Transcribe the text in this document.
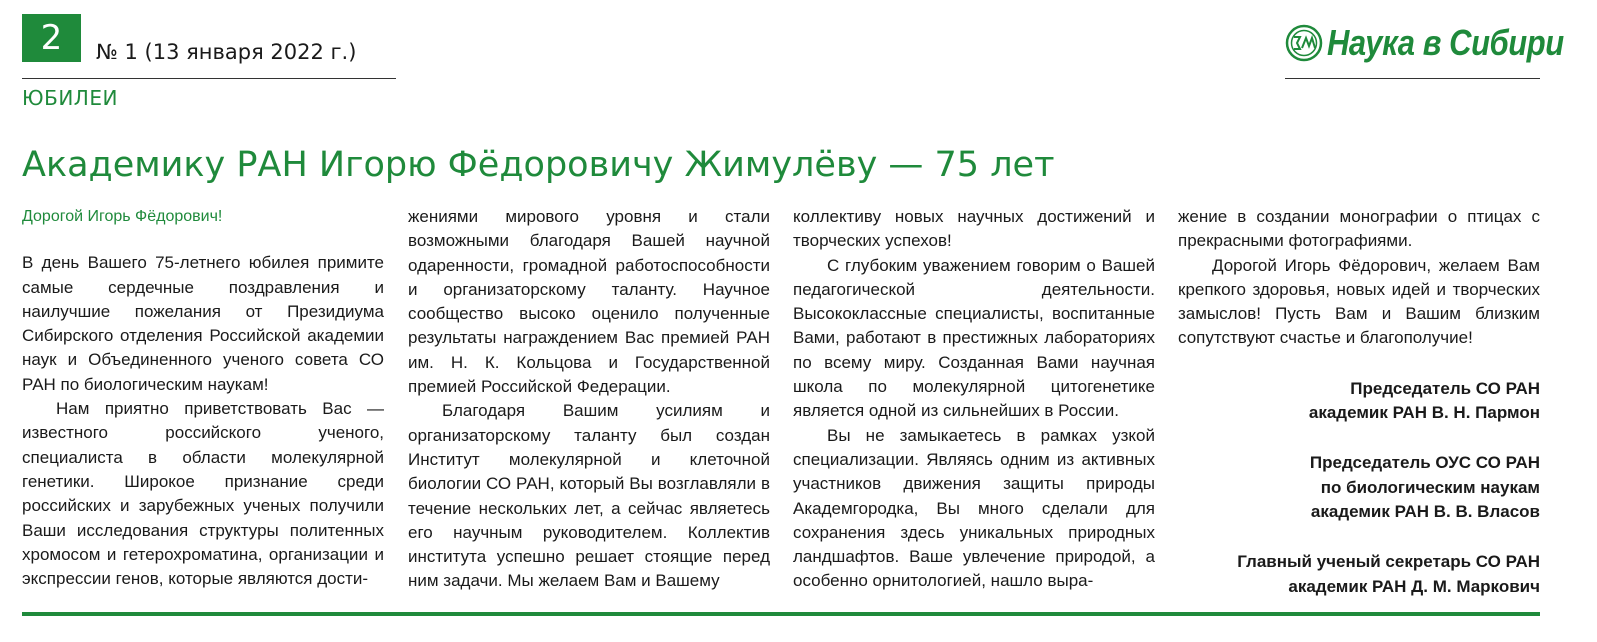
2	№ 1 (13 января 2022 г.)
ЮБИЛЕИ
Наука в Сибири
Академику РАН Игорю Фёдоровичу Жимулёву — 75 лет

Дорогой Игорь Фёдорович!

В день Вашего 75-летнего юбилея примите самые сердечные поздравления и наилучшие пожелания от Президиума Сибирского отделения Российской академии наук и Объединенного ученого совета СО РАН по биологическим наукам!

Нам приятно приветствовать Вас — известного российского ученого, специалиста в области молекулярной генетики. Широкое признание среди российских и зарубежных ученых получили Ваши исследования структуры политенных хромосом и гетерохроматина, организации и экспрессии генов, которые являются дости-

жениями мирового уровня и стали возможными благодаря Вашей научной одаренности, громадной работоспособности и организаторскому таланту. Научное сообщество высоко оценило полученные результаты награждением Вас премией РАН им. Н. К. Кольцова и Государственной премией Российской Федерации.

Благодаря Вашим усилиям и организаторскому таланту был создан Институт молекулярной и клеточной биологии СО РАН, который Вы возглавляли в течение нескольких лет, а сейчас являетесь его научным руководителем. Коллектив института успешно решает стоящие перед ним задачи. Мы желаем Вам и Вашему

коллективу новых научных достижений и творческих успехов!

С глубоким уважением говорим о Вашей педагогической деятельности. Высококлассные специалисты, воспитанные Вами, работают в престижных лабораториях по всему миру. Созданная Вами научная школа по молекулярной цитогенетике является одной из сильнейших в России.

Вы не замыкаетесь в рамках узкой специализации. Являясь одним из активных участников движения защиты природы Академгородка, Вы много сделали для сохранения здесь уникальных природных ландшафтов. Ваше увлечение природой, а особенно орнитологией, нашло выра-

жение в создании монографии о птицах с прекрасными фотографиями.

Дорогой Игорь Фёдорович, желаем Вам крепкого здоровья, новых идей и творческих замыслов! Пусть Вам и Вашим близким сопутствуют счастье и благополучие!

Председатель СО РАН
академик РАН В. Н. Пармон

Председатель ОУС СО РАН
по биологическим наукам
академик РАН В. В. Власов

Главный ученый секретарь СО РАН
академик РАН Д. М. Маркович
